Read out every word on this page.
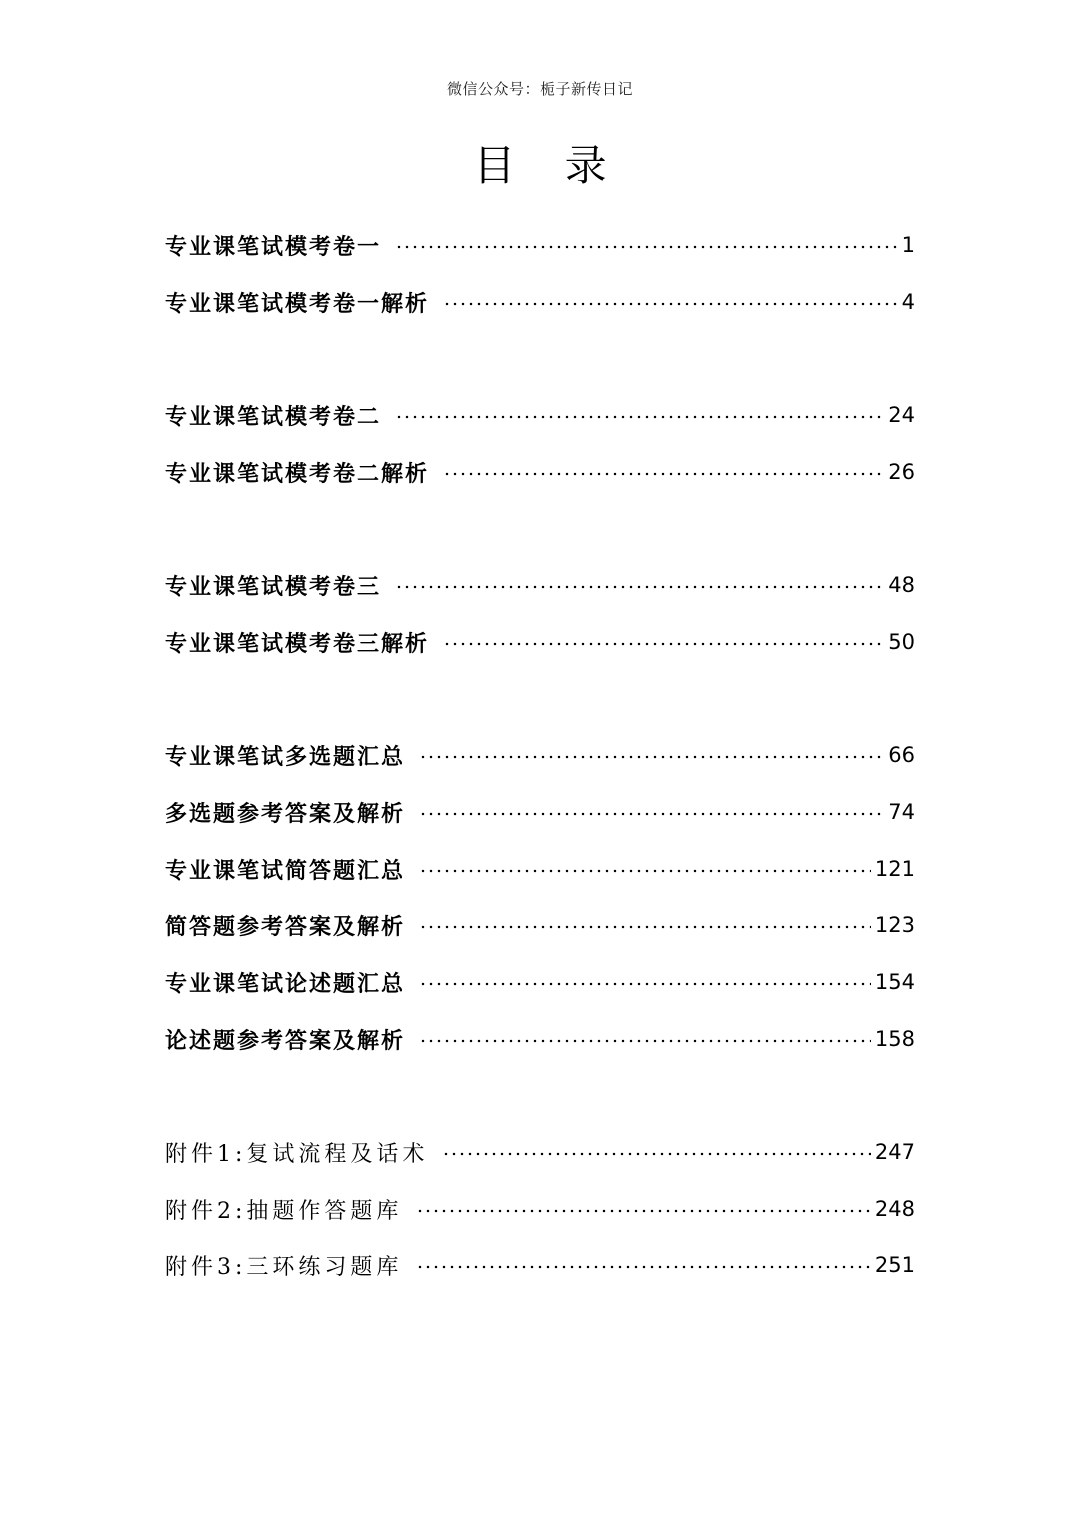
微信公众号：栀子新传日记
目 录
专业课笔试模考卷一	1
专业课笔试模考卷一解析	4
专业课笔试模考卷二	24
专业课笔试模考卷二解析	26
专业课笔试模考卷三	48
专业课笔试模考卷三解析	50
专业课笔试多选题汇总	66
多选题参考答案及解析	74
专业课笔试简答题汇总	121
简答题参考答案及解析	123
专业课笔试论述题汇总	154
论述题参考答案及解析	158
附件1:复试流程及话术	247
附件2:抽题作答题库	248
附件3:三环练习题库	251
